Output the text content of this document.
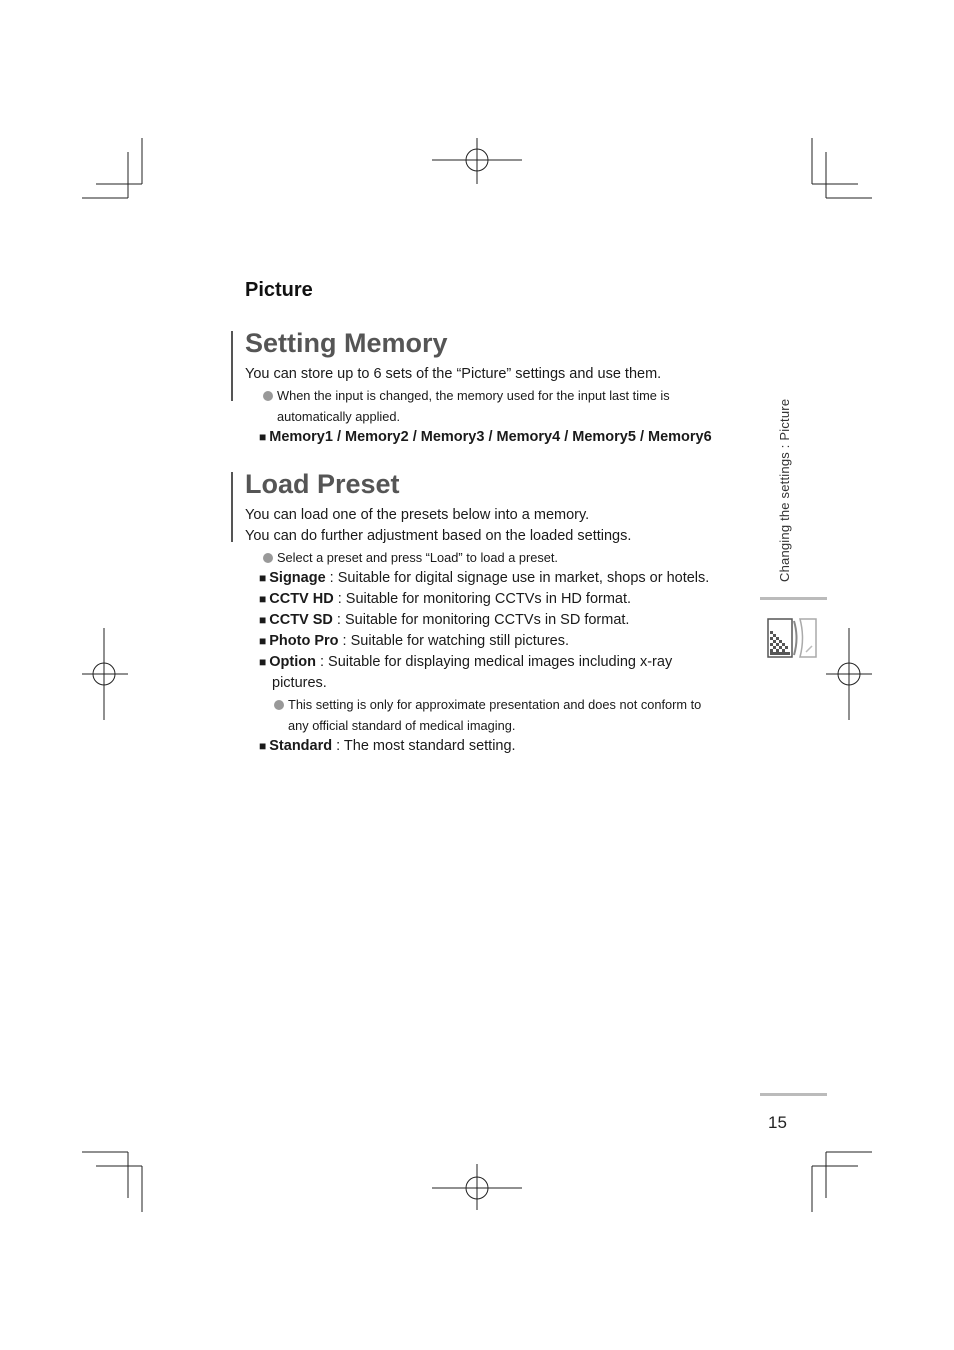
Picture
Setting Memory

You can store up to 6 sets of the “Picture” settings and use them.

When the input is changed, the memory used for the input last time is

automatically applied.

■ Memory1 / Memory2 / Memory3 / Memory4 / Memory5 / Memory6

Load Preset

You can load one of the presets below into a memory.

You can do further adjustment based on the loaded settings.

Select a preset and press “Load” to load a preset.

■ Signage : Suitable for digital signage use in market, shops or hotels.

■ CCTV HD : Suitable for monitoring CCTVs in HD format.

■ CCTV SD : Suitable for monitoring CCTVs in SD format.

■ Photo Pro : Suitable for watching still pictures.

■ Option : Suitable for displaying medical images including x-ray

pictures.

This setting is only for approximate presentation and does not conform to

any official standard of medical imaging.

■ Standard : The most standard setting.

Changing the settings : Picture
15
